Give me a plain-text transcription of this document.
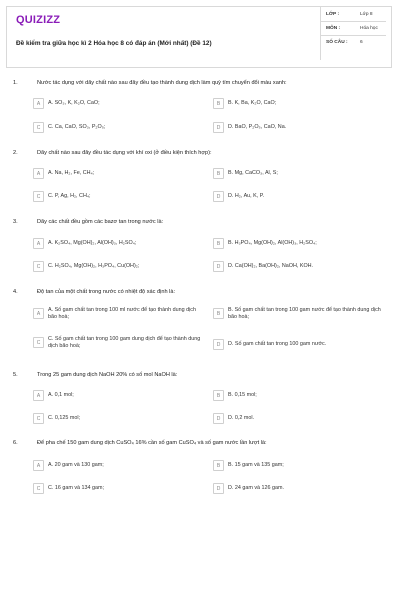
QUIZIZZ
Đề kiểm tra giữa học kì 2 Hóa học 8 có đáp án (Mới nhất) (Đề 12)
LỚP :	Lớp 8
MÔN :	Hóa học
SỐ CÂU :	6
1.	Nước tác dụng với dãy chất nào sau đây đều tạo thành dung dịch làm quỳ tím chuyển đổi màu xanh:
A	A. SO₃, K, K₂O, CaO;	B	B. K, Ba, K₂O, CaO;
C	C. Ca, CaO, SO₃, P₂O₅;	D	D. BaO, P₂O₅, CaO, Na.
2.	Dãy chất nào sau đây đều tác dụng với khí oxi (ở điều kiện thích hợp):
A	A. Na, H₂, Fe, CH₄;	B	B. Mg, CaCO₃, Al, S;
C	C. P, Ag, H₂, CH₄;	D	D. H₂, Au, K, P.
3.	Dãy các chất đều gồm các bazơ tan trong nước là:
A	A. K₂SO₄, Mg(OH)₂, Al(OH)₃, H₂SO₄;	B	B. H₃PO₄, Mg(OH)₂, Al(OH)₃, H₂SO₄;
C	C. H₂SO₄, Mg(OH)₂, H₃PO₄, Cu(OH)₂;	D	D. Ca(OH)₂, Ba(OH)₂, NaOH, KOH.
4.	Độ tan của một chất trong nước có nhiệt độ xác định là:
A
A. Số gam chất tan trong 100 ml nước để tạo thành dung dịch bão hoà;
B
B. Số gam chất tan trong 100 gam nước để tạo thành dung dịch bão hoà;
C
C. Số gam chất tan trong 100 gam dung dịch để tạo thành dung dịch bão hoà;	D	D. Số gam chất tan trong 100 gam nước.
5.	Trong 25 gam dung dịch NaOH 20% có số mol NaOH là:
A	A. 0,1 mol;	B	B. 0,15 mol;
C	C. 0,125 mol;	D	D. 0,2 mol.
6.	Để pha chế 150 gam dung dịch CuSO₄ 16% cần số gam CuSO₄ và số gam nước lần lượt là:
A	A. 20 gam và 130 gam;	B	B. 15 gam và 135 gam;
C	C. 16 gam và 134 gam;	D	D. 24 gam và 126 gam.
